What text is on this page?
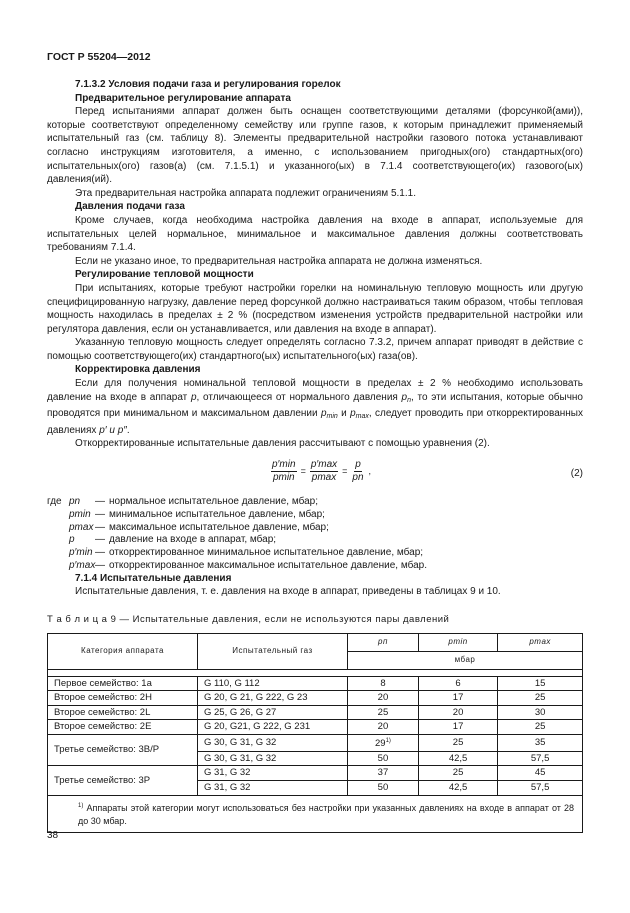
ГОСТ Р 55204—2012
7.1.3.2 Условия подачи газа и регулирования горелок
Предварительное регулирование аппарата

Перед испытаниями аппарат должен быть оснащен соответствующими деталями (форсункой(ами)), которые соответствуют определенному семейству или группе газов, к которым принадлежит применяемый испытательный газ (см. таблицу 8). Элементы предварительной настройки газового потока устанавливают согласно инструкциям изготовителя, а именно, с использованием пригодных(ого) стандартных(ого) испытательных(ого) газов(а) (см. 7.1.5.1) и указанного(ых) в 7.1.4 соответствующего(их) газового(ых) давления(ий).

Эта предварительная настройка аппарата подлежит ограничениям 5.1.1.

Давления подачи газа

Кроме случаев, когда необходима настройка давления на входе в аппарат, используемые для испытательных целей нормальное, минимальное и максимальное давления должны соответствовать требованиям 7.1.4.

Если не указано иное, то предварительная настройка аппарата не должна изменяться.

Регулирование тепловой мощности

При испытаниях, которые требуют настройки горелки на номинальную тепловую мощность или другую специфицированную нагрузку, давление перед форсункой должно настраиваться таким образом, чтобы тепловая мощность находилась в пределах ± 2 % (посредством изменения устройств предварительной настройки или регулятора давления, если он устанавливается, или давления на входе в аппарат).

Указанную тепловую мощность следует определять согласно 7.3.2, причем аппарат приводят в действие с помощью соответствующего(их) стандартного(ых) испытательного(ых) газа(ов).

Корректировка давления

Если для получения номинальной тепловой мощности в пределах ± 2 % необходимо использовать давление на входе в аппарат p, отличающееся от нормального давления $p_n$, то эти испытания, которые обычно проводятся при минимальном и максимальном давлении $p_{min}$ и $p_{max}$, следует проводить при откорректированных давлениях p′ и p″.

Откорректированные испытательные давления рассчитывают с помощью уравнения (2).

$\frac{p'\min}{pmin} = \frac{p'\max}{pmax} = \frac{p}{pn}$ ,	(2)
где pn	— нормальное испытательное давление, мбар;
pmin — минимальное испытательное давление, мбар;
pmax — максимальное испытательное давление, мбар;
p	— давление на входе в аппарат, мбар;
p′min — откорректированное минимальное испытательное давление, мбар;
p′max — откорректированное максимальное испытательное давление, мбар.
7.1.4 Испытательные давления

Испытательные давления, т. е. давления на входе в аппарат, приведены в таблицах 9 и 10.

Т а б л и ц а 9 — Испытательные давления, если не используются пары давлений
Категория аппарата	Испытательный газ	pп	pmin	pmax
		мбар		

Первое семейство: 1a	G 110, G 112	8	6	15
Второе семейство: 2H	G 20, G 21, G 222, G 23	20	17	25
Второе семейство: 2L	G 25, G 26, G 27	25	20	30
Второе семейство: 2E	G 20, G21, G 222, G 231	20	17	25
Третье семейство: 3B/P	G 30, G 31, G 32	29$^{1)}$	25	35
	G 30, G 31, G 32	50	42,5	57,5
Третье семейство: 3P	G 31, G 32	37	25	45
	G 31, G 32	50	42,5	57,5
$^{1)}$ Аппараты этой категории могут использоваться без настройки при указанных давлениях на входе в аппарат от 28 до 30 мбар.				
38
